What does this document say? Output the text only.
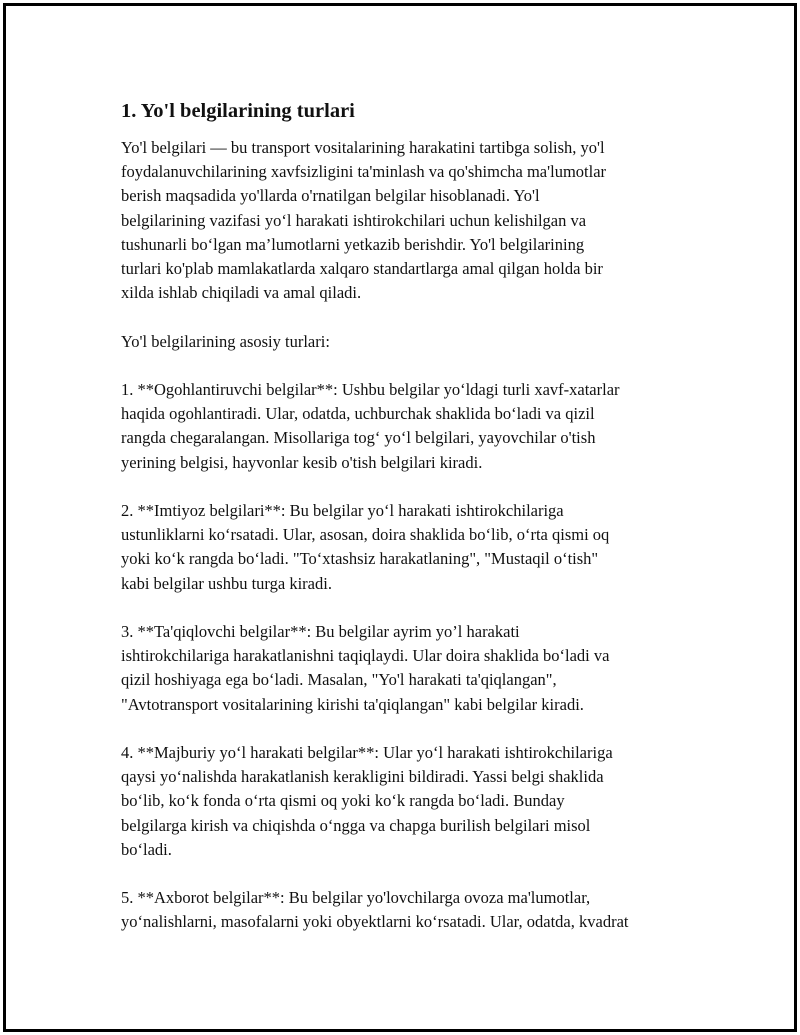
1. Yo'l belgilarining turlari
Yo'l belgilari — bu transport vositalarining harakatini tartibga solish, yo'l
foydalanuvchilarining xavfsizligini ta'minlash va qo'shimcha ma'lumotlar
berish maqsadida yo'llarda o'rnatilgan belgilar hisoblanadi. Yo'l
belgilarining vazifasi yo‘l harakati ishtirokchilari uchun kelishilgan va
tushunarli bo‘lgan ma’lumotlarni yetkazib berishdir. Yo'l belgilarining
turlari ko'plab mamlakatlarda xalqaro standartlarga amal qilgan holda bir
xilda ishlab chiqiladi va amal qiladi.
Yo'l belgilarining asosiy turlari:
1. **Ogohlantiruvchi belgilar**: Ushbu belgilar yo‘ldagi turli xavf-xatarlar
haqida ogohlantiradi. Ular, odatda, uchburchak shaklida bo‘ladi va qizil
rangda chegaralangan. Misollariga tog‘ yo‘l belgilari, yayovchilar o'tish
yerining belgisi, hayvonlar kesib o'tish belgilari kiradi.
2. **Imtiyoz belgilari**: Bu belgilar yo‘l harakati ishtirokchilariga
ustunliklarni ko‘rsatadi. Ular, asosan, doira shaklida bo‘lib, o‘rta qismi oq
yoki ko‘k rangda bo‘ladi. "To‘xtashsiz harakatlaning", "Mustaqil o‘tish"
kabi belgilar ushbu turga kiradi.
3. **Ta'qiqlovchi belgilar**: Bu belgilar ayrim yo’l harakati
ishtirokchilariga harakatlanishni taqiqlaydi. Ular doira shaklida bo‘ladi va
qizil hoshiyaga ega bo‘ladi. Masalan, "Yo'l harakati ta'qiqlangan",
"Avtotransport vositalarining kirishi ta'qiqlangan" kabi belgilar kiradi.
4. **Majburiy yo‘l harakati belgilar**: Ular yo‘l harakati ishtirokchilariga
qaysi yo‘nalishda harakatlanish kerakligini bildiradi. Yassi belgi shaklida
bo‘lib, ko‘k fonda o‘rta qismi oq yoki ko‘k rangda bo‘ladi. Bunday
belgilarga kirish va chiqishda o‘ngga va chapga burilish belgilari misol
bo‘ladi.
5. **Axborot belgilar**: Bu belgilar yo'lovchilarga ovoza ma'lumotlar,
yo‘nalishlarni, masofalarni yoki obyektlarni ko‘rsatadi. Ular, odatda, kvadrat
